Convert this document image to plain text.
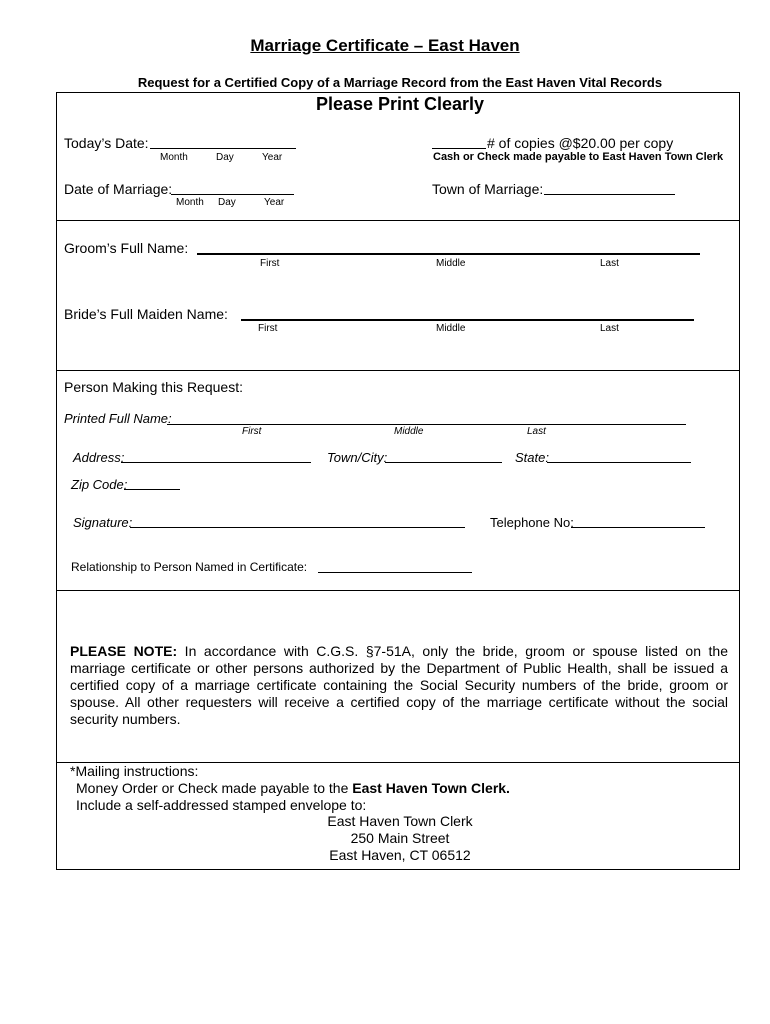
Marriage Certificate – East Haven
Request for a Certified Copy of a Marriage Record from the East Haven Vital Records
Please Print Clearly
Today’s Date:
Month	Day	Year
# of copies @$20.00 per copy
Cash or Check made payable to East Haven Town Clerk
Date of Marriage:
Month Day	Year
Town of Marriage:
Groom’s Full Name:
First	Middle	Last
Bride’s Full Maiden Name:
First	Middle	Last
Person Making this Request:
Printed Full Name:
First	Middle	Last
Address:	Town/City:	State:
Zip Code:
Signature:	Telephone No:
Relationship to Person Named in Certificate:
PLEASE NOTE: In accordance with C.G.S. §7-51A, only the bride, groom or spouse listed on the marriage certificate or other persons authorized by the Department of Public Health, shall be issued a certified copy of a marriage certificate containing the Social Security numbers of the bride, groom or spouse. All other requesters will receive a certified copy of the marriage certificate without the social security numbers.
*Mailing instructions:
Money Order or Check made payable to the East Haven Town Clerk.
Include a self-addressed stamped envelope to:
East Haven Town Clerk
250 Main Street
East Haven, CT 06512
